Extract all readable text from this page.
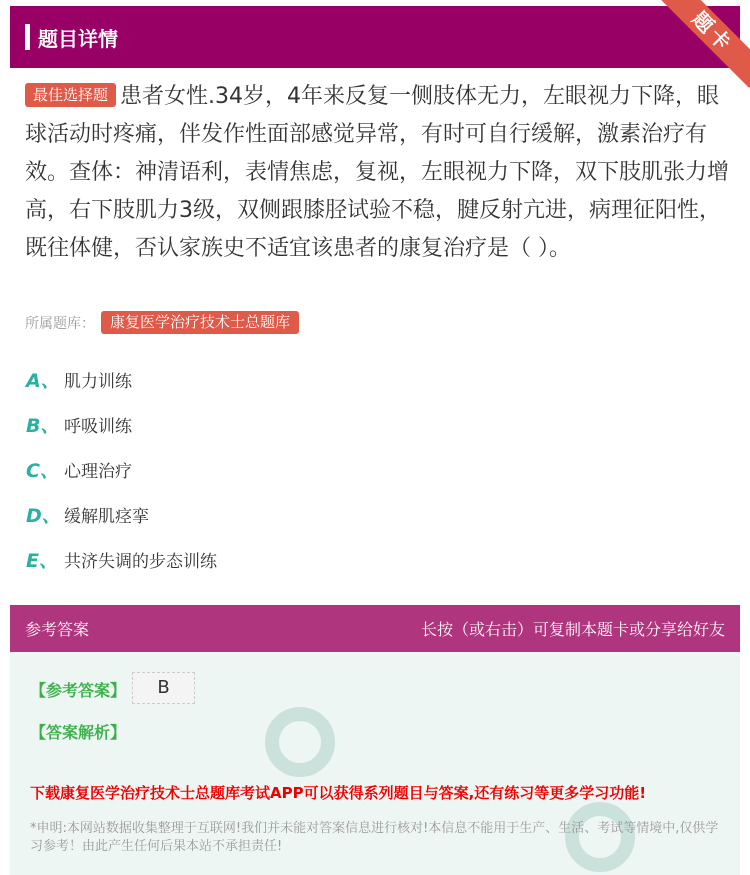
题目详情	题卡
最佳选择题 患者女性.34岁，4年来反复一侧肢体无力，左眼视力下降，眼球活动时疼痛，伴发作性面部感觉异常，有时可自行缓解，激素治疗有效。查体：神清语利，表情焦虑，复视，左眼视力下降，双下肢肌张力增高，右下肢肌力3级，双侧跟膝胫试验不稳，腱反射亢进，病理征阳性，既往体健，否认家族史不适宜该患者的康复治疗是（ ）。
所属题库：	康复医学治疗技术士总题库
A、 肌力训练
B、 呼吸训练
C、 心理治疗
D、 缓解肌痉挛
E、 共济失调的步态训练
参考答案	长按（或右击）可复制本题卡或分享给好友
【参考答案】	B
【答案解析】
下载康复医学治疗技术士总题库考试APP可以获得系列题目与答案,还有练习等更多学习功能!
*申明:本网站数据收集整理于互联网!我们并未能对答案信息进行核对!本信息不能用于生产、生活、考试等情境中,仅供学习参考！由此产生任何后果本站不承担责任!
